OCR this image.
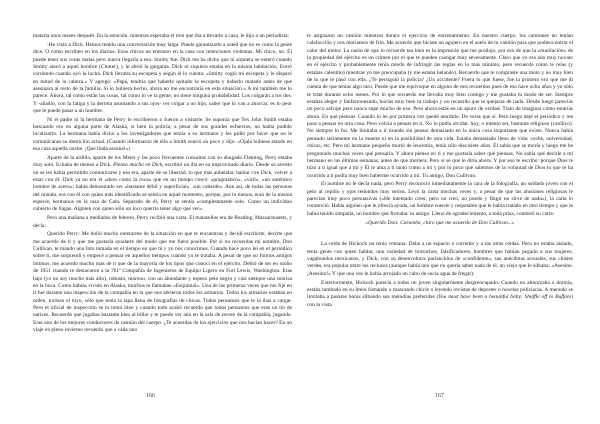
mataría unos meses después. En la estación, mientras esperaba el tren que iba a llevarlo a casa, le dijo a un periodista:

-He visto a Dick. Hemos tenido una conversación muy larga. Puedo garantizarle a usted que no es como la gente dice. O como escriben en los diarios. Esos chicos no entraron en la casa con intenciones violentas. Mi chico, no. Él puede tener sus cosas malas pero nunca llegaría a eso. Smitty fue. Dick me ha dicho que ni siquiera se enteró cuando Smitty atacó a aquel hombre (Clutter), y le abrió la garganta. Dick ni siquiera estaba en la misma habitación. Entró corriendo cuando oyó la lucha. Dick llevaba su escopeta y según él lo cuenta: «Smitty cogió mi escopeta y le disparó en mitad de la cabeza.» Y agregó: «Papá, tendría que haberle quitado la escopeta y haberlo matado antes de que asesinara al resto de la familia. Si lo hubiera hecho, ahora no me encontraría en esta situación.» A mí también me lo parece. Ahora, tal como están las cosas, tal como lo ve la gente, no tiene ninguna probabilidad. Los colgarán a los dos. Y -añadió, con la fatiga y la derrota asomando a sus ojos- ver colgar a un hijo, saber que lo van a ahorcar, es lo peor que le puede pasar a un hombre.

Ni el padre ni la hermana de Perry le escribieron o fueron a visitarle. Se suponía que Tex John Smith estaba buscando oro en alguna parte de Alaska, si bien la policía, a pesar de sus grandes esfuerzos, no había podido localizarlo. La hermana había dicho a los investigadores que temía a su hermano y les pidió por favor que no le comunicaran su domicilio actual. (Cuando informaron de ello a Smith sonrió un poco y dijo: «Ojalá hubiese estado en esa casa aquella noche. ¡Qué linda escena!»)

Aparte de la ardilla, aparte de los Meier y las poco frecuentes consultas con su abogado Fleming, Perry estaba muy solo. Echaba de menos a Dick. Pienso mucho en Dick, escribió un día en su improvisado diario. Desde su arresto no se les había permitido comunicarse y eso era, aparte de su libertad, lo que más anhelaba: hablar con Dick, volver a estar con él. Dick ya no era el «duro como la roca» que en un tiempo creyó: «pragmático», «viril», «un auténtico hombre de acero»; había demostrado ser «bastante débil y superficial», «un cobarde». Aun así, de todas las personas del mundo, era con él con quien más identificado se sentía en aquel momento, porque, por lo menos, eran de la misma especie, hermanos en la raza de Caín. Separado de él, Perry se sentía «completamente solo. Como un individuo cubierto de llagas. Alguien con quien sólo un loco querría tener algo que ver».

Pero una mañana a mediados de febrero, Perry recibió una carta. El matasellos era de Reading, Massachusetts, y decía:

Querido Perry: Me dolió mucho enterarme de la situación en que te encuentras y decidí escribirte, decirte que me acuerdo de ti y que me gustaría ayudarte del modo que me fuera posible. Por si no recuerdas mi nombre, Don Cullivan, te mando una foto tomada en el tiempo en que tú y yo nos conocimos. Cuando hace poco leí en el periódico sobre ti, me sorprendí y empecé a pensar en aquellos tiempos cuando yo te trataba. A pesar de que no fuimos amigos íntimos, me acuerdo mucho más de ti que de la mayoría de los tipos que conocí en el ejército. Debió de ser en otoño de 1951 cuando te destacaron a la 761ª Compañía de Ingenieros de Equipo Ligero en Fort Lewis, Washington. Eras bajo (yo no soy mucho más alto), robusto, moreno, con un abundante y espeso pelo negro y casi siempre una sonrisa en la boca. Como habías vivido en Alaska, muchos te llamaban «Esquimal». Una de las primeras veces que me fijé en ti fue durante una inspección de la compañía en la que nos abrieron todos los armarios. Todos los armarios estaban en orden, incluso el tuyo, sólo que tenía la tapa llena de fotografías de chicas. Todos pensamos que te la ibas a cargar. Pero el oficial de inspección se lo tomó bien y cuando todo acabó recuerdo que todos pensamos que eras un tío de narices. Recuerdo que jugabas bastante bien al billar y te puedo ver aún en la sala de recreo de la compañía, jugando. Eras uno de los mejores conductores de camión del cuerpo. ¿Te acuerdas de los ejercicios que nos hacían hacer? En un viaje en pleno invierno recuerdo que a cada uno

166

le asignaron un camión mientras durara el ejercicio de entrenamiento. En nuestro cuerpo, los camiones no tenían calefacción y nos moríamos de frío. Me acuerdo que hiciste un agujero en el suelo de tu camión para que pudiera entrar el calor del motor. La razón de que lo recuerde tan bien es la impresión que me produjo, por eso de que la «mutilación» de la propiedad del ejército es un crimen por el que te pueden castigar muy severamente. Claro que yo era aún muy novato en el ejército y probablemente tenía miedo de infringir las reglas en lo más mínimo, pero recuerdo cómo te reías (y estabas calentito) mientras yo me preocupaba (y me estaba helando). Recuerdo que te compraste una moto y no muy bien de lo que te pasó con ella. ¿Te persiguió la policía? ¿Un accidente? Fuera lo que fuese, fue la primera vez que me di cuenta de que tenías algo raro. Puede que me equivoque en alguno de mis recuerdos pues de eso hace ocho años y yo sólo te traté durante ocho meses. Por lo que recuerdo me llevaba muy bien contigo y me gustaba tu modo de ser. Siempre estabas alegre y fanfarroneando, hacías muy bien tu trabajo y no recuerdo que te quejaras de nada. Desde luego parecías un poco salvaje pero nunca supe mucho de eso. Pero ahora estás en un apuro de verdad. Trato de imaginar cómo estarías ahora. En qué piensas. Cuando lo leí por primera vez quedé aturdido. De veras que sí. Pero luego dejé el periódico y me puse a pensar en otra cosa. Pero volvía a pensar en ti. No lo podía olvidar. Soy, o intento ser, bastante religioso (católico). No siempre lo fui. Me limitaba a ir tirando sin pensar demasiado en la única cosa importante que existe. Nunca había pensado seriamente en la muerte ni en la posibilidad de otra vida. Estaba demasiado lleno de vida: coche, universidad, chicas, etc. Pero mi hermano pequeño murió de leucemia, tenía sólo diecisiete años. Él sabía que se moría y luego me he preguntado muchas veces qué pensaría. Y ahora pienso en ti y me gustaría saber qué piensas. No sabía qué decirle a mi hermano en las últimas semanas, antes de que muriera. Pero sí sé qué le diría ahora. Y por eso te escribo: porque Dios te hizo a ti igual que a mí y Él te ama a ti tanto como a mí y por lo poco que sabemos de la voluntad de Dios lo que te ha ocurrido a ti podía muy bien haberme ocurrido a mí. Tu amigo, Don Cullivan.

El nombre no le decía nada, pero Perry reconoció inmediatamente la cara de la fotografía, un soldado joven con el pelo al cepillo y ojos redondos muy serios. Leyó la carta muchas veces y, a pesar de que las alusiones religiosas le parecían muy poco persuasivas («He intentado creer, pero no creo, no puedo y fingir no sirve de nada»), la carta lo conmovió. Había alguien que le ofrecía ayuda, un hombre cuerdo y respetable que le había tratado en otro tiempo y que le había tenido simpatía, un hombre que firmaba: tu amigo. Lleno de agradecimiento, a toda prisa, contestó su carta:

«Querido Don: Caramba, claro que me acuerdo de Don Cullivan...»

La celda de Hickock no tenía ventana. Daba a un espacio o corredor y a las otras celdas. Pero no estaba aislado, tenía gente con quien hablar, una variedad de borrachos, falsificadores, hombres que habían pegado a sus mujeres, vagabundos mexicanos, y Dick, con su desenvoltura parlanchina de «confidente», sus anécdotas sexuales, sus chistes verdes, era popular entre los reclusos (aunque había uno que no quería saber nada de él, un viejo que le silbaba: «Asesino. ¡Asesino!» Y que una vez le había arrojado un cubo de sucia agua de fregar).

Exteriormente, Hickock parecía a todos un joven singularmente despreocupado. Cuando no almorzaba o dormía, estaba tumbado en su litera fumando o mascando chicle o leyendo revistas de deportes o novelas policíacas. A menudo se limitaba a pasarse horas silbando sus melodías preferidas (You must have been a beautiful baby; Shuffle off to Buffalo) con la vista

167
